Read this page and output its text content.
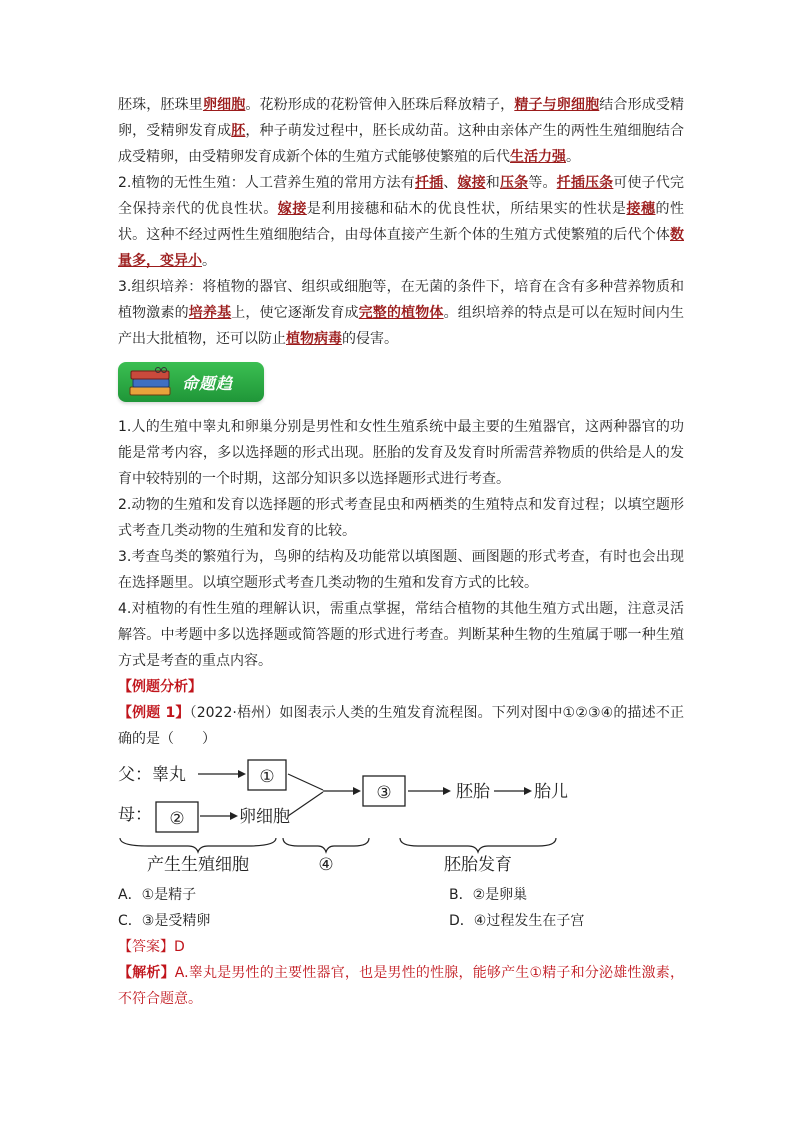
胚珠，胚珠里卵细胞。花粉形成的花粉管伸入胚珠后释放精子，精子与卵细胞结合形成受精卵，受精卵发育成胚，种子萌发过程中，胚长成幼苗。这种由亲体产生的两性生殖细胞结合成受精卵，由受精卵发育成新个体的生殖方式能够使繁殖的后代生活力强。

2.植物的无性生殖：人工营养生殖的常用方法有扦插、嫁接和压条等。扦插压条可使子代完全保持亲代的优良性状。嫁接是利用接穗和砧木的优良性状，所结果实的性状是接穗的性状。这种不经过两性生殖细胞结合，由母体直接产生新个体的生殖方式使繁殖的后代个体数量多，变异小。

3.组织培养：将植物的器官、组织或细胞等，在无菌的条件下，培育在含有多种营养物质和植物激素的培养基上，使它逐渐发育成完整的植物体。组织培养的特点是可以在短时间内生产出大批植物，还可以防止植物病毒的侵害。

命题趋

1.人的生殖中睾丸和卵巢分别是男性和女性生殖系统中最主要的生殖器官，这两种器官的功能是常考内容，多以选择题的形式出现。胚胎的发育及发育时所需营养物质的供给是人的发育中较特别的一个时期，这部分知识多以选择题形式进行考查。

2.动物的生殖和发育以选择题的形式考查昆虫和两栖类的生殖特点和发育过程；以填空题形式考查几类动物的生殖和发育的比较。

3.考查鸟类的繁殖行为，鸟卵的结构及功能常以填图题、画图题的形式考查，有时也会出现在选择题里。以填空题形式考查几类动物的生殖和发育方式的比较。

4.对植物的有性生殖的理解认识，需重点掌握，常结合植物的其他生殖方式出题，注意灵活解答。中考题中多以选择题或简答题的形式进行考查。判断某种生物的生殖属于哪一种生殖方式是考查的重点内容。

【例题分析】

【例题 1】（2022·梧州）如图表示人类的生殖发育流程图。下列对图中①②③④的描述不正确的是（　　）

父：睾丸	①
③	胚胎	胎儿
母： ②	卵细胞
产生生殖细胞	④	胚胎发育
A．①是精子	B．②是卵巢
C．③是受精卵	D．④过程发生在子宫
【答案】D

【解析】A.睾丸是男性的主要性器官，也是男性的性腺，能够产生①精子和分泌雄性激素，不符合题意。
